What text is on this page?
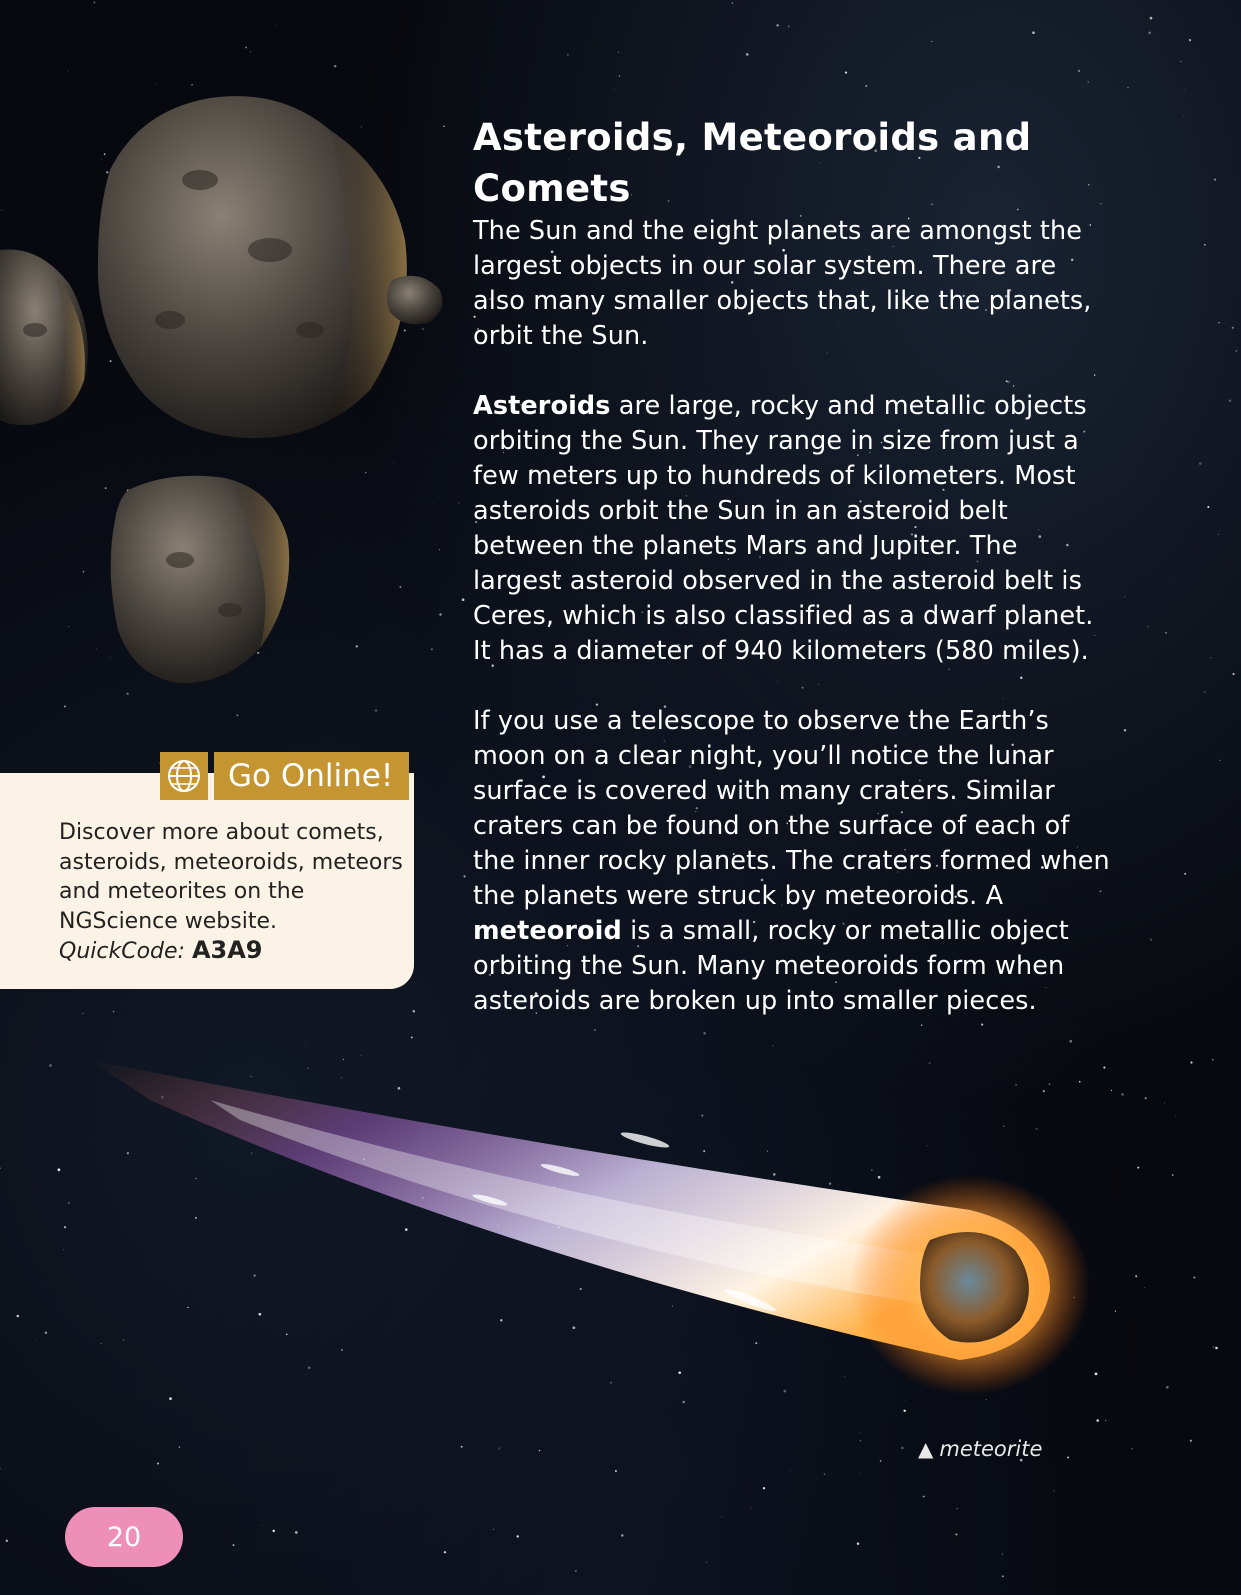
Asteroids, Meteoroids and Comets

The Sun and the eight planets are amongst the largest objects in our solar system. There are also many smaller objects that, like the planets, orbit the Sun.

Asteroids are large, rocky and metallic objects orbiting the Sun. They range in size from just a few meters up to hundreds of kilometers. Most asteroids orbit the Sun in an asteroid belt between the planets Mars and Jupiter. The largest asteroid observed in the asteroid belt is Ceres, which is also classified as a dwarf planet. It has a diameter of 940 kilometers (580 miles).

If you use a telescope to observe the Earth’s moon on a clear night, you’ll notice the lunar surface is covered with many craters. Similar craters can be found on the surface of each of the inner rocky planets. The craters formed when the planets were struck by meteoroids. A meteoroid is a small, rocky or metallic object orbiting the Sun. Many meteoroids form when asteroids are broken up into smaller pieces.

Go Online!
Discover more about comets, asteroids, meteoroids, meteors and meteorites on the NGScience website.
QuickCode: A3A9
▲ meteorite
20
